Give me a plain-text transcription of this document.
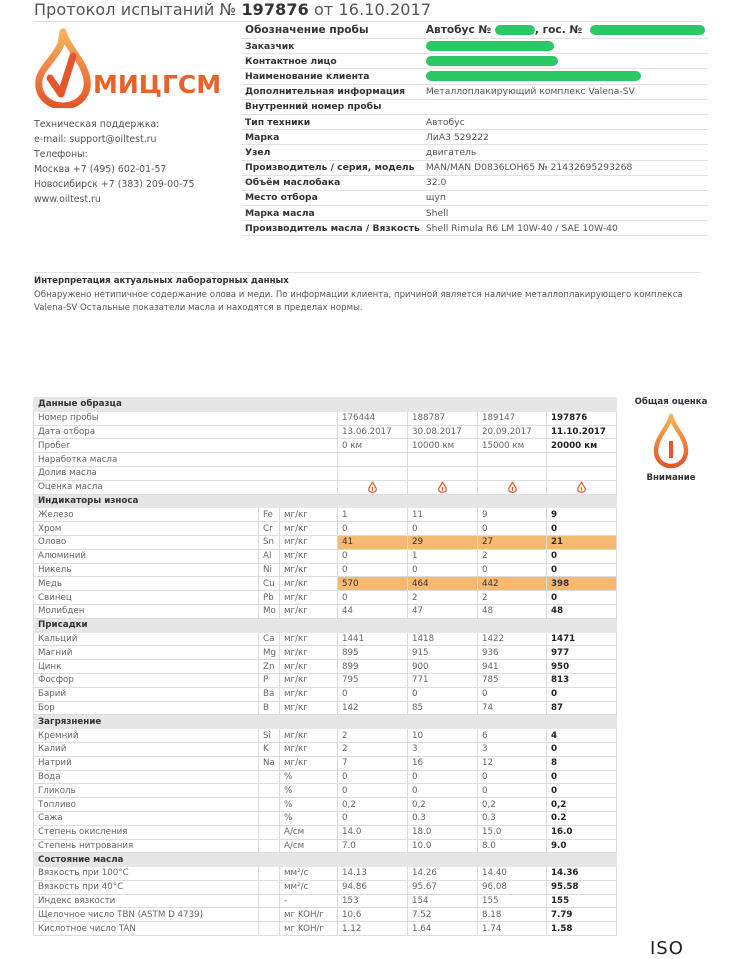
Протокол испытаний № 197876 от 16.10.2017
МИЦГСМ
Техническая поддержка:
e-mail: support@oiltest.ru
Телефоны:
Москва +7 (495) 602-01-57
Новосибирск +7 (383) 209-00-75
www.oiltest.ru
Обозначение пробы	Автобус № , гос. №
Заказчик	
Контактное лицо	
Наименование клиента	
Дополнительная информация	Металлоплакирующий комплекс Valena-SV
Внутренний номер пробы	
Тип техники	Автобус
Марка	ЛиАЗ 529222
Узел	двигатель
Производитель / серия, модель	MAN/MAN D0836LOH65 № 21432695293268
Объём маслобака	32.0
Место отбора	щуп
Марка масла	Shell
Производитель масла / Вязкость	Shell Rimula R6 LM 10W-40 / SAE 10W-40
Интерпретация актуальных лабораторных данных
Обнаружено нетипичное содержание олова и меди. По информации клиента, причиной является наличие металлоплакирующего комплекса Valena-SV Остальные показатели масла и находятся в пределах нормы.
Данные образца						
Номер пробы			176444	188787	189147	197876
Дата отбора			13.06.2017	30.08.2017	20.09.2017	11.10.2017
Пробег			0 км	10000 км	15000 км	20000 км
Наработка масла						
Долив масла						
Оценка масла				
Индикаторы износа						
Железо	Fe	мг/кг	1	11	9	9
Хром	Cr	мг/кг	0	0	0	0
Олово	Sn	мг/кг	41	29	27	21
Алюминий	Al	мг/кг	0	1	2	0
Никель	Ni	мг/кг	0	0	0	0
Медь	Cu	мг/кг	570	464	442	398
Свинец	Pb	мг/кг	0	2	2	0
Молибден	Mo	мг/кг	44	47	48	48
Присадки						
Кальций	Ca	мг/кг	1441	1418	1422	1471
Магний	Mg	мг/кг	895	915	936	977
Цинк	Zn	мг/кг	899	900	941	950
Фосфор	P	мг/кг	795	771	785	813
Барий	Ba	мг/кг	0	0	0	0
Бор	B	мг/кг	142	85	74	87
Загрязнение						
Кремний	Si	мг/кг	2	10	6	4
Калий	K	мг/кг	2	3	3	0
Натрий	Na	мг/кг	7	16	12	8
Вода		%	0	0	0	0
Гликоль		%	0	0	0	0
Топливо		%	0,2	0,2	0,2	0,2
Сажа		%	0	0.3	0.3	0.2
Степень окисления		A/см	14.0	18.0	15.0	16.0
Степень нитрования		A/см	7.0	10.0	8.0	9.0
Состояние масла						
Вязкость при 100°C		мм²/с	14.13	14.26	14.40	14.36
Вязкость при 40°C		мм²/с	94.86	95.67	96.08	95.58
Индекс вязкости		-	153	154	155	155
Щелочное число TBN (ASTM D 4739)		мг KOH/г	10.6	7.52	8.18	7.79
Кислотное число TAN		мг KOH/г	1.12	1.64	1.74	1.58
Общая оценка
Внимание
ISO
